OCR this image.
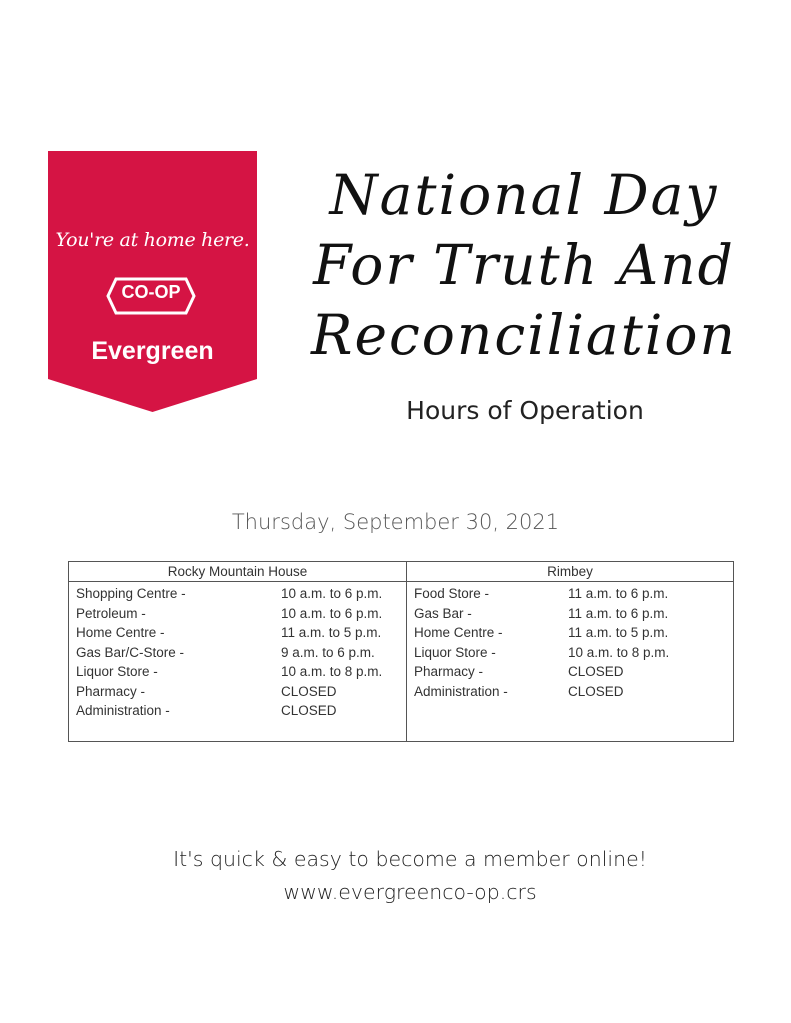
You're at home here.
CO-OP
Evergreen
National Day
For Truth And
Reconciliation
Hours of Operation
Thursday, September 30, 2021
Rocky Mountain House
Shopping Centre -	10 a.m. to 6 p.m.
Petroleum -	10 a.m. to 6 p.m.
Home Centre -	11 a.m. to 5 p.m.
Gas Bar/C-Store -	9 a.m. to 6 p.m.
Liquor Store -	10 a.m. to 8 p.m.
Pharmacy -	CLOSED
Administration -	CLOSED
Rimbey
Food Store -	11 a.m. to 6 p.m.
Gas Bar -	11 a.m. to 6 p.m.
Home Centre -	11 a.m. to 5 p.m.
Liquor Store -	10 a.m. to 8 p.m.
Pharmacy -	CLOSED
Administration -	CLOSED
It's quick & easy to become a member online!
www.evergreenco-op.crs
